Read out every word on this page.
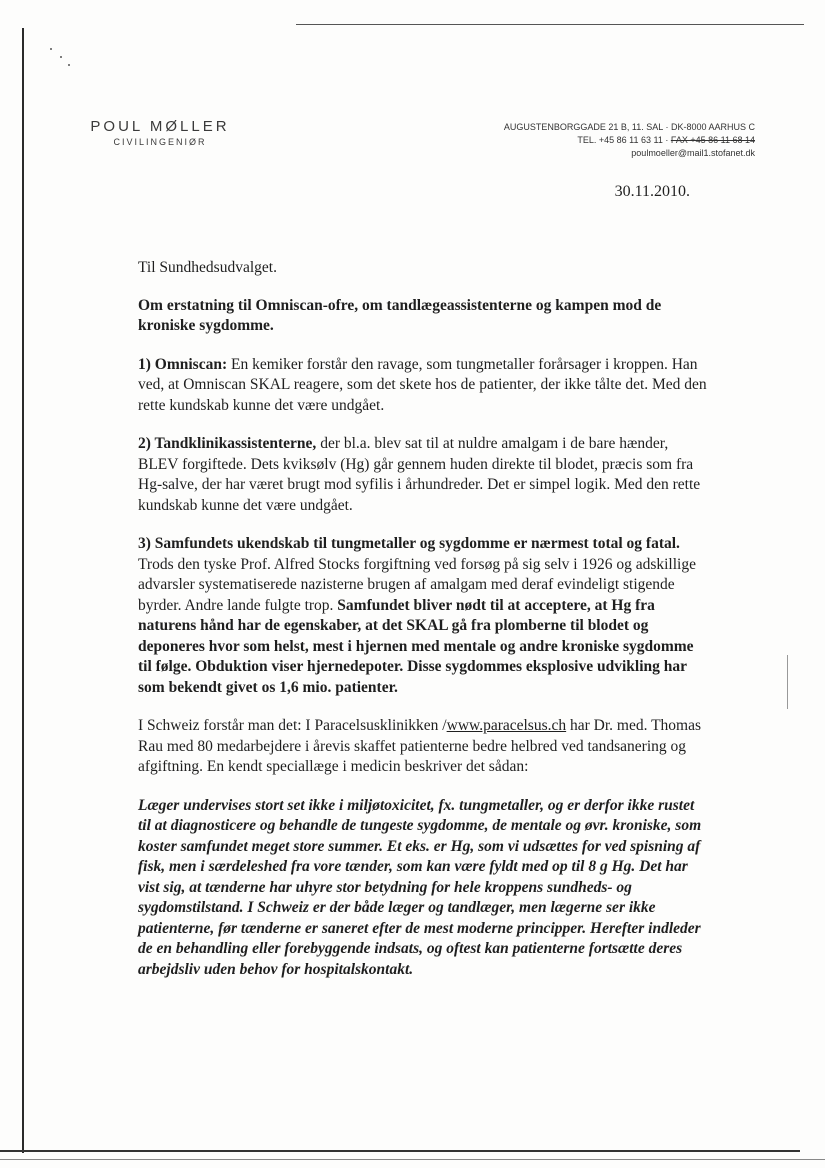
POUL MØLLER
CIVILINGENIØR
AUGUSTENBORGGADE 21 B, 11. SAL · DK-8000 AARHUS C
TEL. +45 86 11 63 11 · FAX +45 86 11 68 14
poulmoeller@mail1.stofanet.dk
30.11.2010.

Til Sundhedsudvalget.

Om erstatning til Omniscan-ofre, om tandlægeassistenterne og kampen mod de kroniske sygdomme.

1) Omniscan: En kemiker forstår den ravage, som tungmetaller forårsager i kroppen. Han ved, at Omniscan SKAL reagere, som det skete hos de patienter, der ikke tålte det. Med den rette kundskab kunne det være undgået.

2) Tandklinikassistenterne, der bl.a. blev sat til at nuldre amalgam i de bare hænder, BLEV forgiftede. Dets kviksølv (Hg) går gennem huden direkte til blodet, præcis som fra Hg-salve, der har været brugt mod syfilis i århundreder. Det er simpel logik. Med den rette kundskab kunne det være undgået.

3) Samfundets ukendskab til tungmetaller og sygdomme er nærmest total og fatal. Trods den tyske Prof. Alfred Stocks forgiftning ved forsøg på sig selv i 1926 og adskillige advarsler systematiserede nazisterne brugen af amalgam med deraf evindeligt stigende byrder. Andre lande fulgte trop. Samfundet bliver nødt til at acceptere, at Hg fra naturens hånd har de egenskaber, at det SKAL gå fra plomberne til blodet og deponeres hvor som helst, mest i hjernen med mentale og andre kroniske sygdomme til følge. Obduktion viser hjernedepoter. Disse sygdommes eksplosive udvikling har som bekendt givet os 1,6 mio. patienter.

I Schweiz forstår man det: I Paracelsusklinikken /www.paracelsus.ch har Dr. med. Thomas Rau med 80 medarbejdere i årevis skaffet patienterne bedre helbred ved tandsanering og afgiftning. En kendt speciallæge i medicin beskriver det sådan:

Læger undervises stort set ikke i miljøtoxicitet, fx. tungmetaller, og er derfor ikke rustet til at diagnosticere og behandle de tungeste sygdomme, de mentale og øvr. kroniske, som koster samfundet meget store summer. Et eks. er Hg, som vi udsættes for ved spisning af fisk, men i særdeleshed fra vore tænder, som kan være fyldt med op til 8 g Hg. Det har vist sig, at tænderne har uhyre stor betydning for hele kroppens sundheds- og sygdomstilstand. I Schweiz er der både læger og tandlæger, men lægerne ser ikke patienterne, før tænderne er saneret efter de mest moderne principper. Herefter indleder de en behandling eller forebyggende indsats, og oftest kan patienterne fortsætte deres arbejdsliv uden behov for hospitalskontakt.
